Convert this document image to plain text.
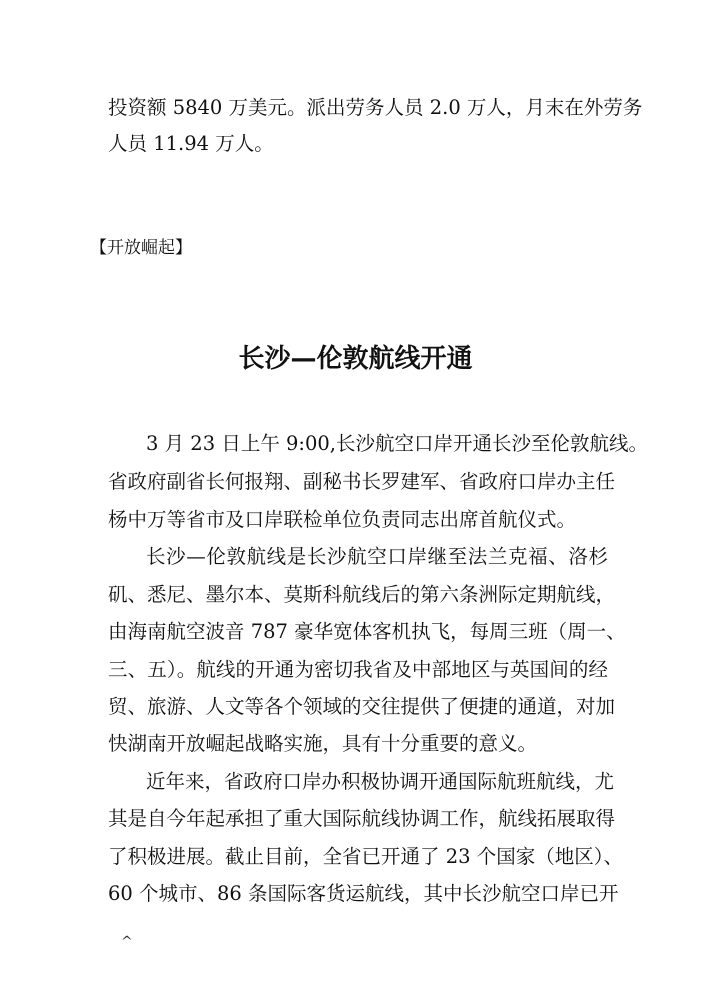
投资额 5840 万美元。派出劳务人员 2.0 万人，月末在外劳务
人员 11.94 万人。
【开放崛起】
长沙—伦敦航线开通
3 月 23 日上午 9:00,长沙航空口岸开通长沙至伦敦航线。
省政府副省长何报翔、副秘书长罗建军、省政府口岸办主任
杨中万等省市及口岸联检单位负责同志出席首航仪式。
长沙—伦敦航线是长沙航空口岸继至法兰克福、洛杉
矶、悉尼、墨尔本、莫斯科航线后的第六条洲际定期航线，
由海南航空波音 787 豪华宽体客机执飞，每周三班（周一、
三、五）。航线的开通为密切我省及中部地区与英国间的经
贸、旅游、人文等各个领域的交往提供了便捷的通道，对加
快湖南开放崛起战略实施，具有十分重要的意义。
近年来，省政府口岸办积极协调开通国际航班航线，尤
其是自今年起承担了重大国际航线协调工作，航线拓展取得
了积极进展。截止目前，全省已开通了 23 个国家（地区）、
60 个城市、86 条国际客货运航线，其中长沙航空口岸已开
^
